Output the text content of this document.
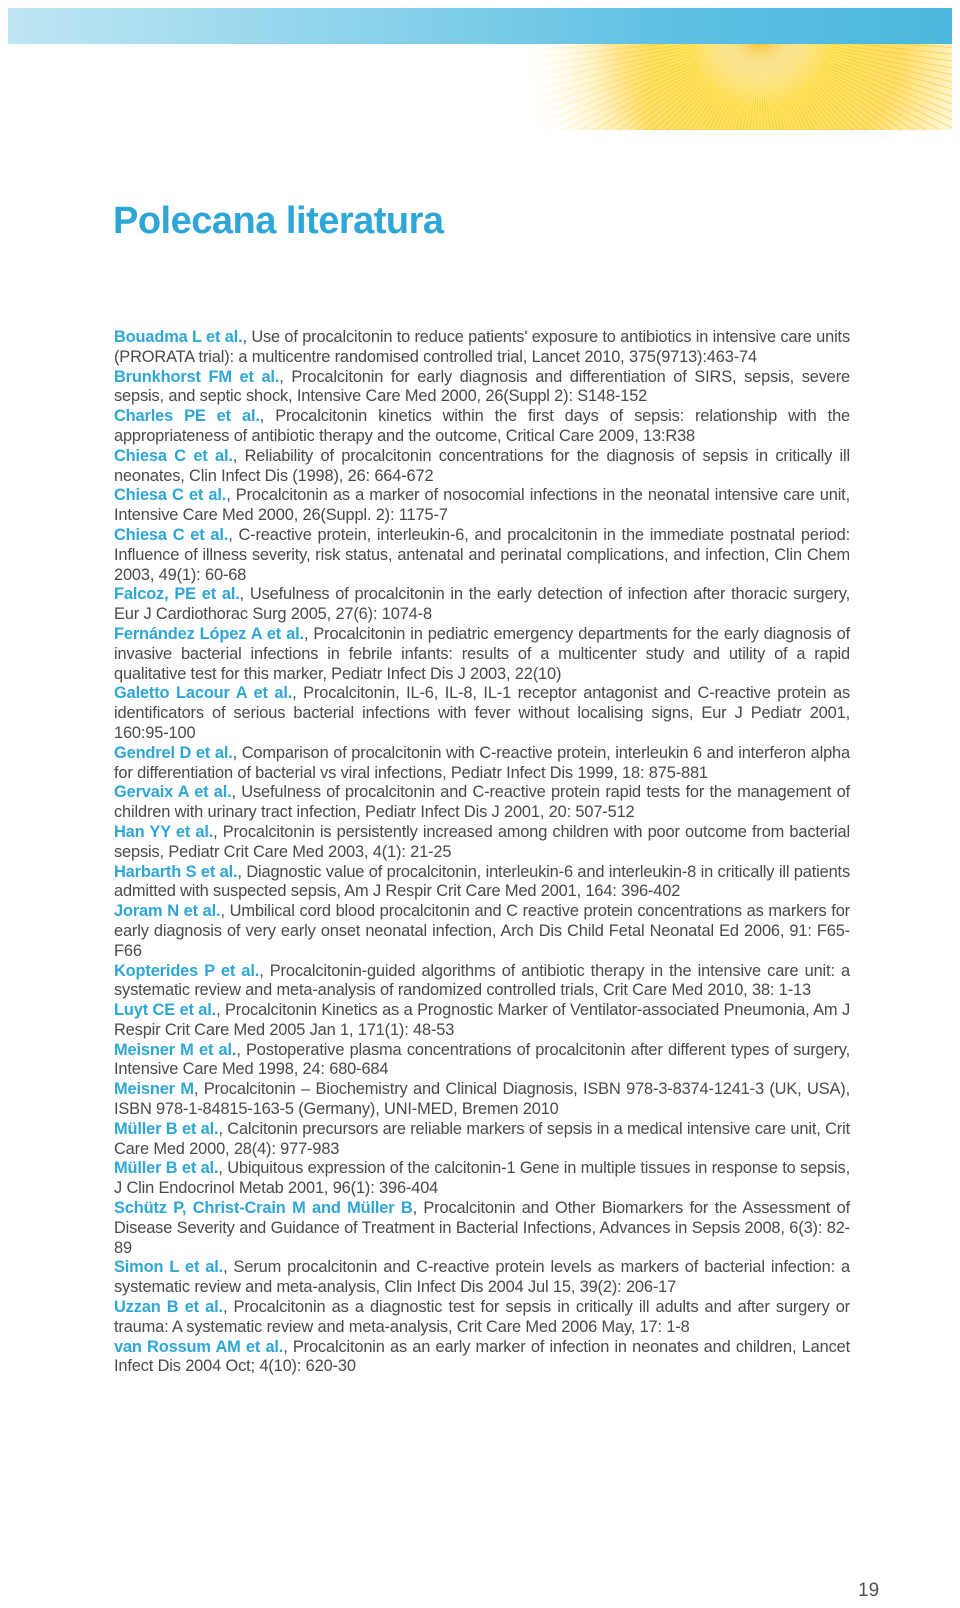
Polecana literatura
Bouadma L et al., Use of procalcitonin to reduce patients' exposure to antibiotics in intensive care units (PRORATA trial): a multicentre randomised controlled trial, Lancet 2010, 375(9713):463-74
Brunkhorst FM et al., Procalcitonin for early diagnosis and differentiation of SIRS, sepsis, severe sepsis, and septic shock, Intensive Care Med 2000, 26(Suppl 2): S148-152
Charles PE et al., Procalcitonin kinetics within the first days of sepsis: relationship with the appropriateness of antibiotic therapy and the outcome, Critical Care 2009, 13:R38
Chiesa C et al., Reliability of procalcitonin concentrations for the diagnosis of sepsis in critically ill neonates, Clin Infect Dis (1998), 26: 664-672
Chiesa C et al., Procalcitonin as a marker of nosocomial infections in the neonatal intensive care unit, Intensive Care Med 2000, 26(Suppl. 2): 1175-7
Chiesa C et al., C-reactive protein, interleukin-6, and procalcitonin in the immediate postnatal period: Influence of illness severity, risk status, antenatal and perinatal complications, and infection, Clin Chem 2003, 49(1): 60-68
Falcoz, PE et al., Usefulness of procalcitonin in the early detection of infection after thoracic surgery, Eur J Cardiothorac Surg 2005, 27(6): 1074-8
Fernández López A et al., Procalcitonin in pediatric emergency departments for the early diagnosis of invasive bacterial infections in febrile infants: results of a multicenter study and utility of a rapid qualitative test for this marker, Pediatr Infect Dis J 2003, 22(10)
Galetto Lacour A et al., Procalcitonin, IL-6, IL-8, IL-1 receptor antagonist and C-reactive protein as identificators of serious bacterial infections with fever without localising signs, Eur J Pediatr 2001, 160:95-100
Gendrel D et al., Comparison of procalcitonin with C-reactive protein, interleukin 6 and interferon alpha for differentiation of bacterial vs viral infections, Pediatr Infect Dis 1999, 18: 875-881
Gervaix A et al., Usefulness of procalcitonin and C-reactive protein rapid tests for the management of children with urinary tract infection, Pediatr Infect Dis J 2001, 20: 507-512
Han YY et al., Procalcitonin is persistently increased among children with poor outcome from bacterial sepsis, Pediatr Crit Care Med 2003, 4(1): 21-25
Harbarth S et al., Diagnostic value of procalcitonin, interleukin-6 and interleukin-8 in critically ill patients admitted with suspected sepsis, Am J Respir Crit Care Med 2001, 164: 396-402
Joram N et al., Umbilical cord blood procalcitonin and C reactive protein concentrations as markers for early diagnosis of very early onset neonatal infection, Arch Dis Child Fetal Neonatal Ed 2006, 91: F65-F66
Kopterides P et al., Procalcitonin-guided algorithms of antibiotic therapy in the intensive care unit: a systematic review and meta-analysis of randomized controlled trials, Crit Care Med 2010, 38: 1-13
Luyt CE et al., Procalcitonin Kinetics as a Prognostic Marker of Ventilator-associated Pneumonia, Am J Respir Crit Care Med 2005 Jan 1, 171(1): 48-53
Meisner M et al., Postoperative plasma concentrations of procalcitonin after different types of surgery, Intensive Care Med 1998, 24: 680-684
Meisner M, Procalcitonin – Biochemistry and Clinical Diagnosis, ISBN 978-3-8374-1241-3 (UK, USA), ISBN 978-1-84815-163-5 (Germany), UNI-MED, Bremen 2010
Müller B et al., Calcitonin precursors are reliable markers of sepsis in a medical intensive care unit, Crit Care Med 2000, 28(4): 977-983
Müller B et al., Ubiquitous expression of the calcitonin-1 Gene in multiple tissues in response to sepsis, J Clin Endocrinol Metab 2001, 96(1): 396-404
Schütz P, Christ-Crain M and Müller B, Procalcitonin and Other Biomarkers for the Assessment of Disease Severity and Guidance of Treatment in Bacterial Infections, Advances in Sepsis 2008, 6(3): 82-89
Simon L et al., Serum procalcitonin and C-reactive protein levels as markers of bacterial infection: a systematic review and meta-analysis, Clin Infect Dis 2004 Jul 15, 39(2): 206-17
Uzzan B et al., Procalcitonin as a diagnostic test for sepsis in critically ill adults and after surgery or trauma: A systematic review and meta-analysis, Crit Care Med 2006 May, 17: 1-8
van Rossum AM et al., Procalcitonin as an early marker of infection in neonates and children, Lancet Infect Dis 2004 Oct; 4(10): 620-30
19
